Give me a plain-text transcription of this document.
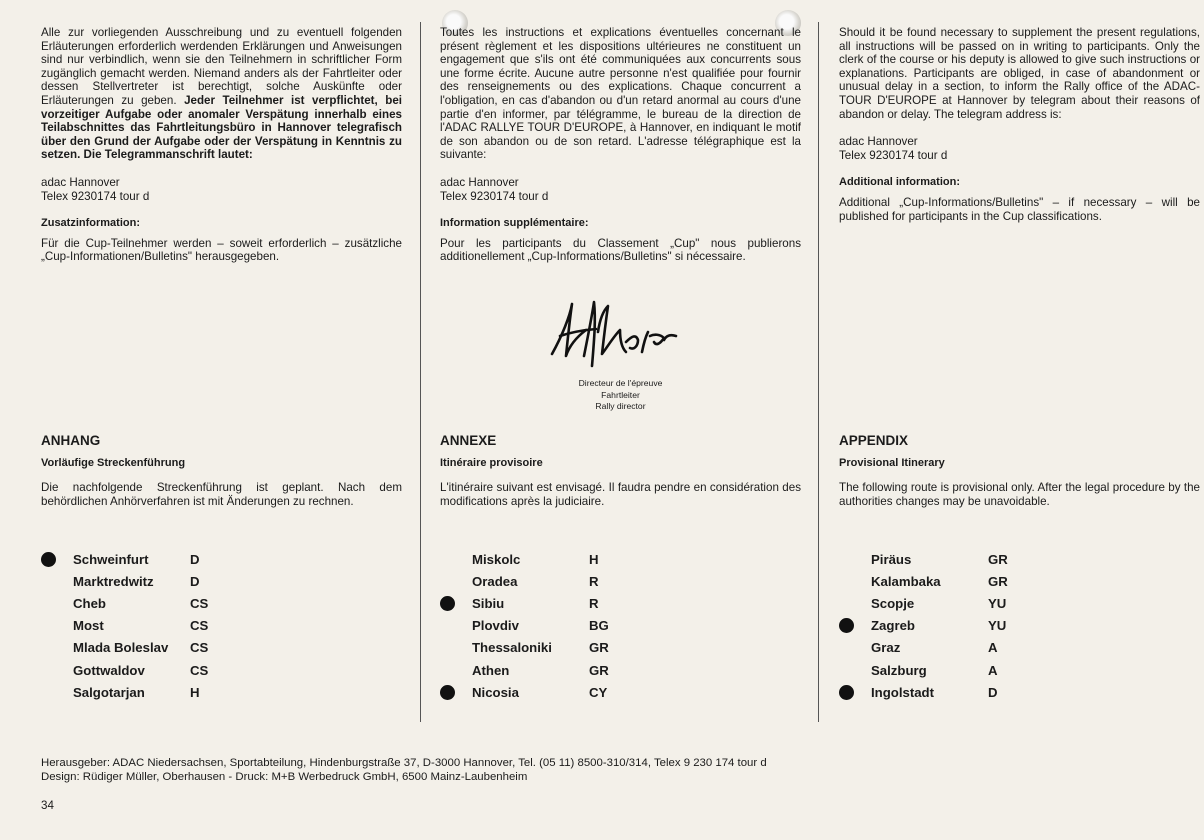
Alle zur vorliegenden Ausschreibung und zu eventuell folgenden Erläuterungen erforderlich werdenden Erklärungen und Anweisungen sind nur verbindlich, wenn sie den Teilnehmern in schriftlicher Form zugänglich gemacht werden. Niemand anders als der Fahrtleiter oder dessen Stellvertreter ist berechtigt, solche Auskünfte oder Erläuterungen zu geben. Jeder Teilnehmer ist verpflichtet, bei vorzeitiger Aufgabe oder anomaler Verspätung innerhalb eines Teilabschnittes das Fahrtleitungsbüro in Hannover telegrafisch über den Grund der Aufgabe oder der Verspätung in Kenntnis zu setzen. Die Telegrammanschrift lautet:

adac Hannover

Telex 9230174 tour d

Zusatzinformation:

Für die Cup-Teilnehmer werden – soweit erforderlich – zusätzliche „Cup-Informationen/Bulletins" herausgegeben.

Toutes les instructions et explications éventuelles concernant le présent règlement et les dispositions ultérieures ne constituent un engagement que s'ils ont été communiquées aux concurrents sous une forme écrite. Aucune autre personne n'est qualifiée pour fournir des renseignements ou des explications. Chaque concurrent a l'obligation, en cas d'abandon ou d'un retard anormal au cours d'une partie d'en informer, par télégramme, le bureau de la direction de l'ADAC RALLYE TOUR D'EUROPE, à Hannover, en indiquant le motif de son abandon ou de son retard. L'adresse télégraphique est la suivante:

adac Hannover

Telex 9230174 tour d

Information supplémentaire:

Pour les participants du Classement „Cup" nous publierons additionellement „Cup-Informations/Bulletins" si nécessaire.

Should it be found necessary to supplement the present regulations, all instructions will be passed on in writing to participants. Only the clerk of the course or his deputy is allowed to give such instructions or explanations. Participants are obliged, in case of abandonment or unusual delay in a section, to inform the Rally office of the ADAC-TOUR D'EUROPE at Hannover by telegram about their reasons of abandon or delay. The telegram address is:

adac Hannover

Telex 9230174 tour d

Additional information:

Additional „Cup-Informations/Bulletins" – if necessary – will be published for participants in the Cup classifications.

Directeur de l'épreuve
Fahrtleiter
Rally director
ANHANG
Vorläufige Streckenführung

Die nachfolgende Streckenführung ist geplant. Nach dem behördlichen Anhörverfahren ist mit Änderungen zu rechnen.

ANNEXE
Itinéraire provisoire

L'itinéraire suivant est envisagé. Il faudra pendre en considération des modifications après la judiciaire.

APPENDIX
Provisional Itinerary

The following route is provisional only. After the legal procedure by the authorities changes may be unavoidable.

Schweinfurt	D
Marktredwitz	D
Cheb	CS
Most	CS
Mlada Boleslav	CS
Gottwaldov	CS
Salgotarjan	H
Miskolc	H
Oradea	R
Sibiu	R
Plovdiv	BG
Thessaloniki	GR
Athen	GR
Nicosia	CY
Piräus	GR
Kalambaka	GR
Scopje	YU
Zagreb	YU
Graz	A
Salzburg	A
Ingolstadt	D
Herausgeber: ADAC Niedersachsen, Sportabteilung, Hindenburgstraße 37, D-3000 Hannover, Tel. (05 11) 8500-310/314, Telex 9 230 174 tour d
Design: Rüdiger Müller, Oberhausen - Druck: M+B Werbedruck GmbH, 6500 Mainz-Laubenheim
34
